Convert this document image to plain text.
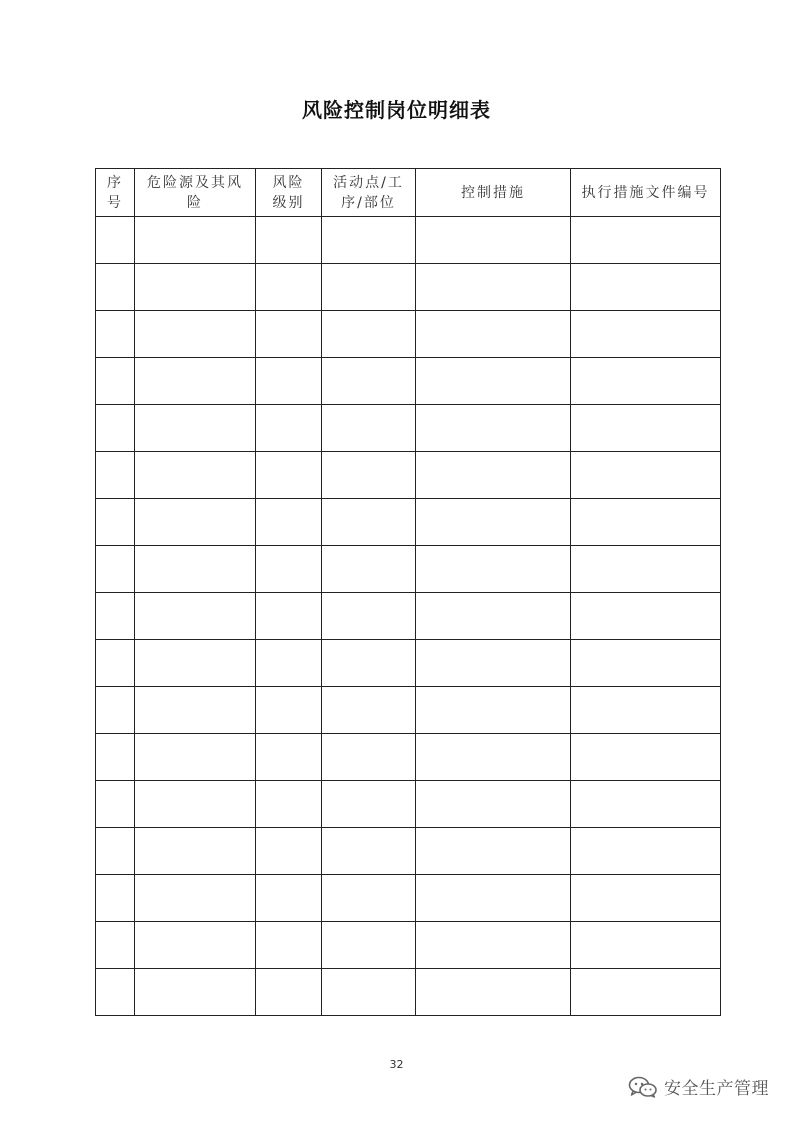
风险控制岗位明细表
序号	危险源及其风险	风险级别	活动点/工序/部位	控制措施	执行措施文件编号

32
安全生产管理
